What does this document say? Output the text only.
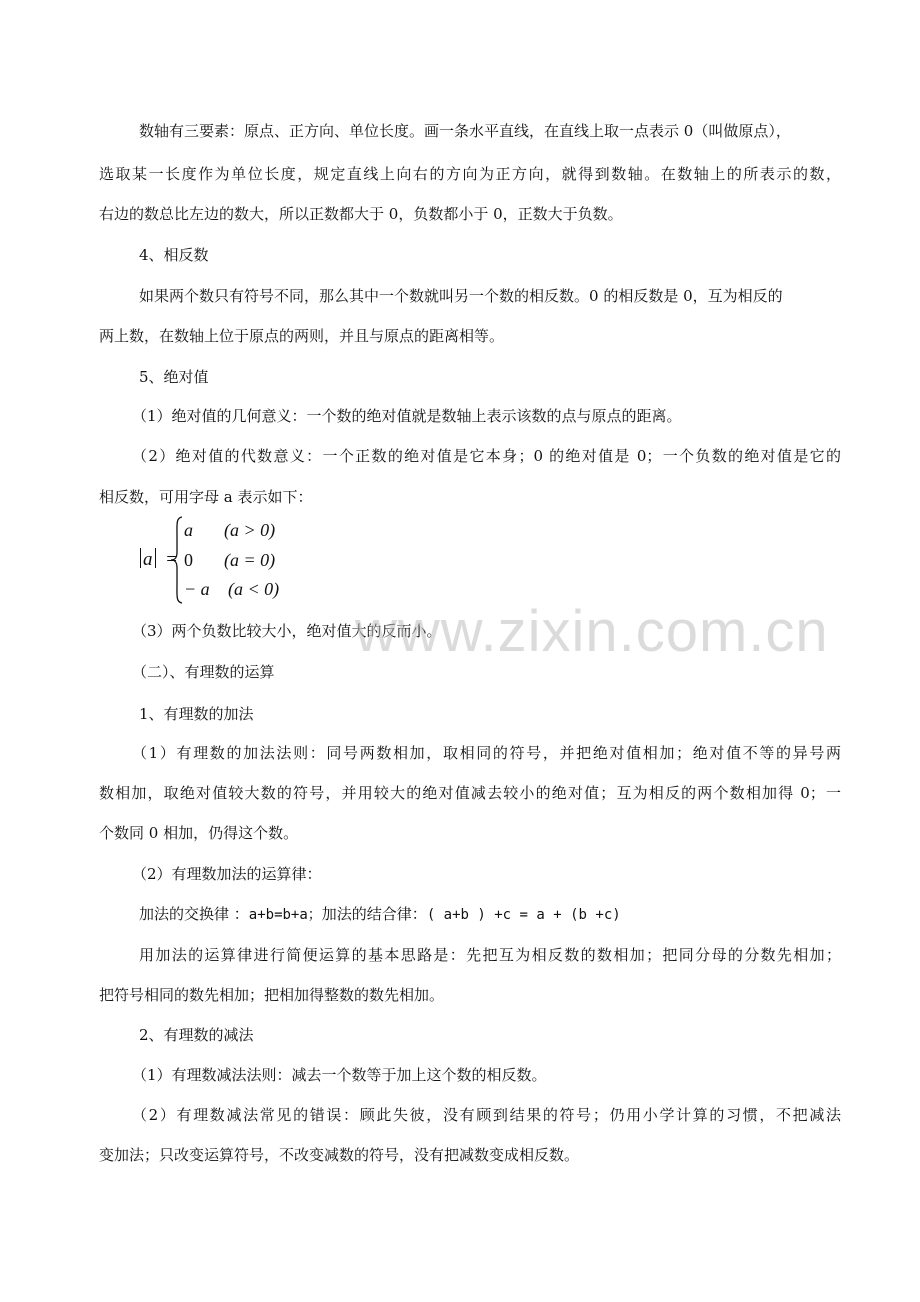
数轴有三要素：原点、正方向、单位长度。画一条水平直线，在直线上取一点表示 0（叫做原点），
选取某一长度作为单位长度，规定直线上向右的方向为正方向，就得到数轴。在数轴上的所表示的数，
右边的数总比左边的数大，所以正数都大于 0，负数都小于 0，正数大于负数。
4、相反数
如果两个数只有符号不同，那么其中一个数就叫另一个数的相反数。0 的相反数是 0，互为相反的
两上数，在数轴上位于原点的两则，并且与原点的距离相等。
5、绝对值
（1）绝对值的几何意义：一个数的绝对值就是数轴上表示该数的点与原点的距离。
（2）绝对值的代数意义：一个正数的绝对值是它本身；0 的绝对值是 0；一个负数的绝对值是它的
相反数，可用字母 a 表示如下：
a =
a (a > 0)
0 (a = 0)
− a (a < 0)
（3）两个负数比较大小，绝对值大的反而小。
（二）、有理数的运算
1、有理数的加法
（1）有理数的加法法则：同号两数相加，取相同的符号，并把绝对值相加；绝对值不等的异号两
数相加，取绝对值较大数的符号，并用较大的绝对值减去较小的绝对值；互为相反的两个数相加得 0；一
个数同 0 相加，仍得这个数。
（2）有理数加法的运算律：
加法的交换律 ：a+b=b+a；加法的结合律：( a+b ) +c = a + (b +c)
用加法的运算律进行简便运算的基本思路是：先把互为相反数的数相加；把同分母的分数先相加；
把符号相同的数先相加；把相加得整数的数先相加。
2、有理数的减法
（1）有理数减法法则：减去一个数等于加上这个数的相反数。
（2）有理数减法常见的错误：顾此失彼，没有顾到结果的符号；仍用小学计算的习惯，不把减法
变加法；只改变运算符号，不改变减数的符号，没有把减数变成相反数。
www.zixin.com.cn
